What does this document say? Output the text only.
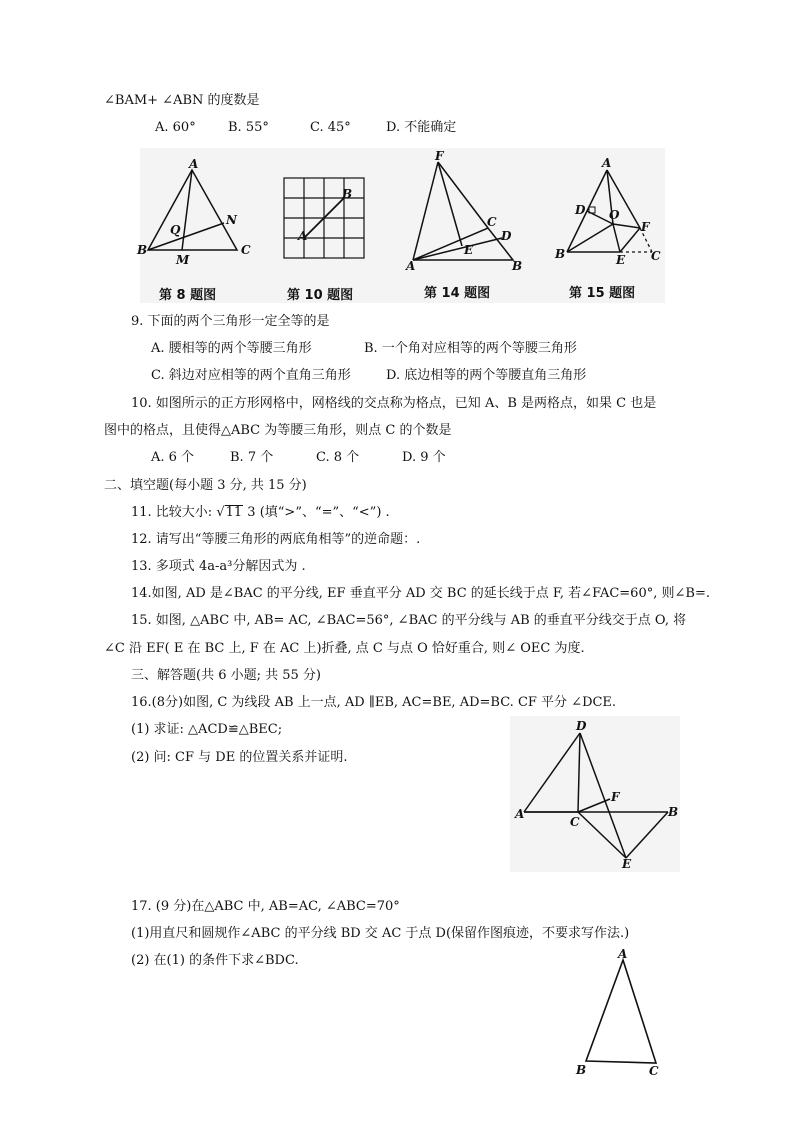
∠BAM+ ∠ABN 的度数是
A. 60° B. 55°	C. 45°	D. 不能确定
A
Q
N
B
M
C
第 8 题图
B
A
第 10 题图
F
C
D
E
A	B
第 14 题图
A
D O
F
B	E C
第 15 题图
9. 下面的两个三角形一定全等的是
A. 腰相等的两个等腰三角形	B. 一个角对应相等的两个等腰三角形
C. 斜边对应相等的两个直角三角形	D. 底边相等的两个等腰直角三角形
10. 如图所示的正方形网格中，网格线的交点称为格点，已知 A、B 是两格点，如果 C 也是
图中的格点，且使得△ABC 为等腰三角形，则点 C 的个数是
A. 6 个	B. 7 个	C. 8 个	D. 9 个
二、填空题(每小题 3 分, 共 15 分)
11. 比较大小: √11 3 (填“>”、“=”、“<”) .
12. 请写出“等腰三角形的两底角相等”的逆命题：.
13. 多项式 4a-a³分解因式为 .
14.如图, AD 是∠BAC 的平分线, EF 垂直平分 AD 交 BC 的延长线于点 F, 若∠FAC=60°, 则∠B=.
15. 如图, △ABC 中, AB= AC, ∠BAC=56°, ∠BAC 的平分线与 AB 的垂直平分线交于点 O, 将
∠C 沿 EF( E 在 BC 上, F 在 AC 上)折叠, 点 C 与点 O 恰好重合, 则∠ OEC 为度.
三、解答题(共 6 小题; 共 55 分)
16.(8分)如图, C 为线段 AB 上一点, AD ∥EB, AC=BE, AD=BC. CF 平分 ∠DCE.
(1) 求证: △ACD≌△BEC;
(2) 问: CF 与 DE 的位置关系并证明.
D
F
B
A
C
E
17. (9 分)在△ABC 中, AB=AC, ∠ABC=70°
(1)用直尺和圆规作∠ABC 的平分线 BD 交 AC 于点 D(保留作图痕迹，不要求写作法.)
(2) 在(1) 的条件下求∠BDC.	A
B	C
